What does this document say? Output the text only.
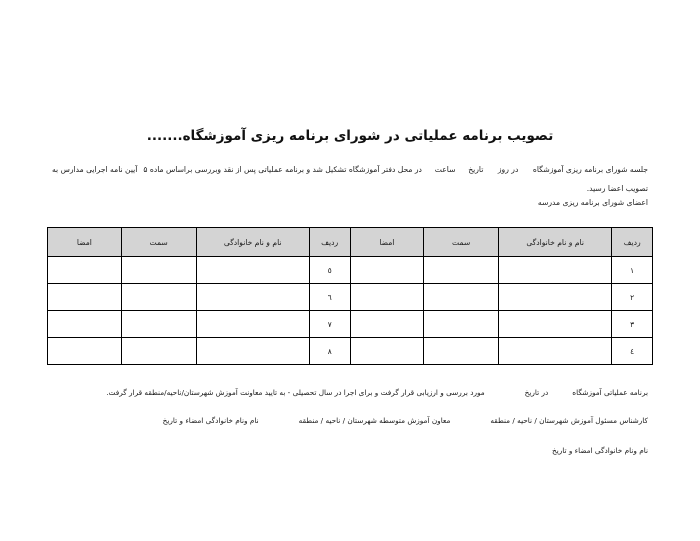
تصویب برنامه عملیاتی در شورای برنامه ریزی آموزشگاه.......
جلسه شورای برنامه ریزی آموزشگاه
در روز
تاریخ
ساعت
در محل دفتر آموزشگاه تشکیل شد و برنامه عملیاتی پس از نقد وبررسی براساس ماده ۵
آیین نامه اجرایی مدارس به
تصویب اعضا رسید.
اعضای شورای برنامه ریزی مدرسه
ردیف	نام و نام خانوادگی	سمت	امضا	ردیف	نام و نام خانوادگی	سمت	امضا
١				٥			
٢				٦			
٣				٧			
٤				٨			
برنامه عملیاتی آموزشگاه
در تاریخ
مورد بررسی و ارزیابی قرار گرفت و برای اجرا در سال تحصیلی - به تایید معاونت آموزش شهرستان/ناحیه/منطقه قرار گرفت.
کارشناس مسئول آموزش شهرستان / ناحیه / منطقه
معاون آموزش متوسطه شهرستان / ناحیه / منطقه
نام ونام خانوادگی امضاء و تاریخ
نام ونام خانوادگی امضاء و تاریخ
